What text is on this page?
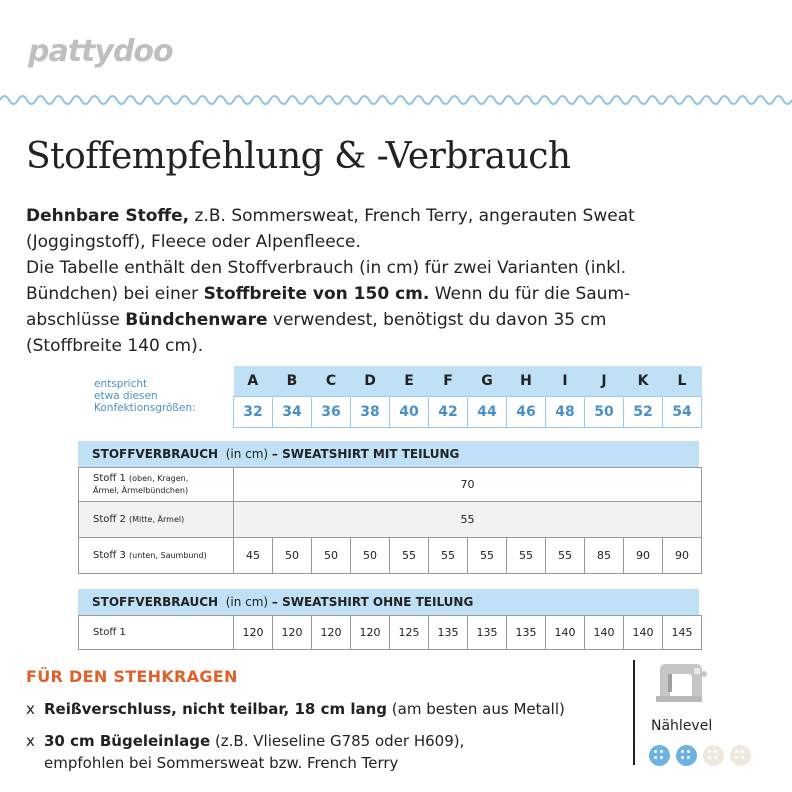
pattydoo
Stoffempfehlung & -Verbrauch
Dehnbare Stoffe, z.B. Sommersweat, French Terry, angerauten Sweat
(Joggingstoff), Fleece oder Alpenfleece.
Die Tabelle enthält den Stoffverbrauch (in cm) für zwei Varianten (inkl.
Bündchen) bei einer Stoffbreite von 150 cm. Wenn du für die Saum-
abschlüsse Bündchenware verwendest, benötigst du davon 35 cm
(Stoffbreite 140 cm).
entspricht
etwa diesen
Konfektionsgrößen:
A	B	C	D	E	F	G	H	I	J	K	L
32	34	36	38	40	42	44	46	48	50	52	54
STOFFVERBRAUCH (in cm) – SWEATSHIRT MIT TEILUNG
Stoff 1 (oben, Kragen,
Ärmel, Ärmelbündchen)	70											
Stoff 2 (Mitte, Ärmel)	55											
Stoff 3 (unten, Saumbund)	45	50	50	50	55	55	55	55	55	85	90	90
STOFFVERBRAUCH (in cm) – SWEATSHIRT OHNE TEILUNG
Stoff 1	120	120	120	120	125	135	135	135	140	140	140	145
FÜR DEN STEHKRAGEN
x Reißverschluss, nicht teilbar, 18 cm lang (am besten aus Metall)
x 30 cm Bügeleinlage (z.B. Vlieseline G785 oder H609),
empfohlen bei Sommersweat bzw. French Terry
Nählevel
